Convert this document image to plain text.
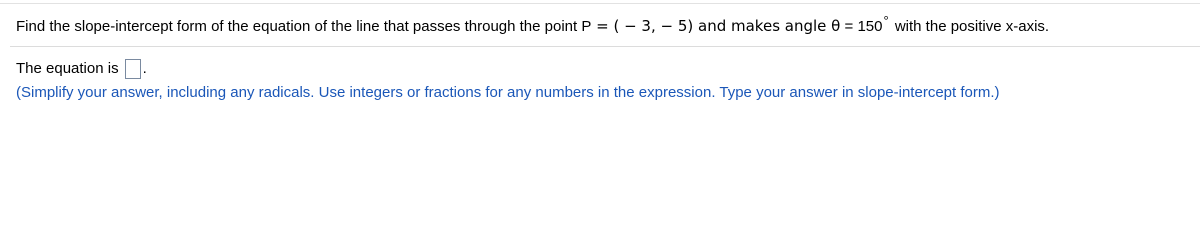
Find the slope-intercept form of the equation of the line that passes through the point P = ( − 3, − 5) and makes angle θ = 150° with the positive x-axis.
The equation is .
(Simplify your answer, including any radicals. Use integers or fractions for any numbers in the expression. Type your answer in slope-intercept form.)
